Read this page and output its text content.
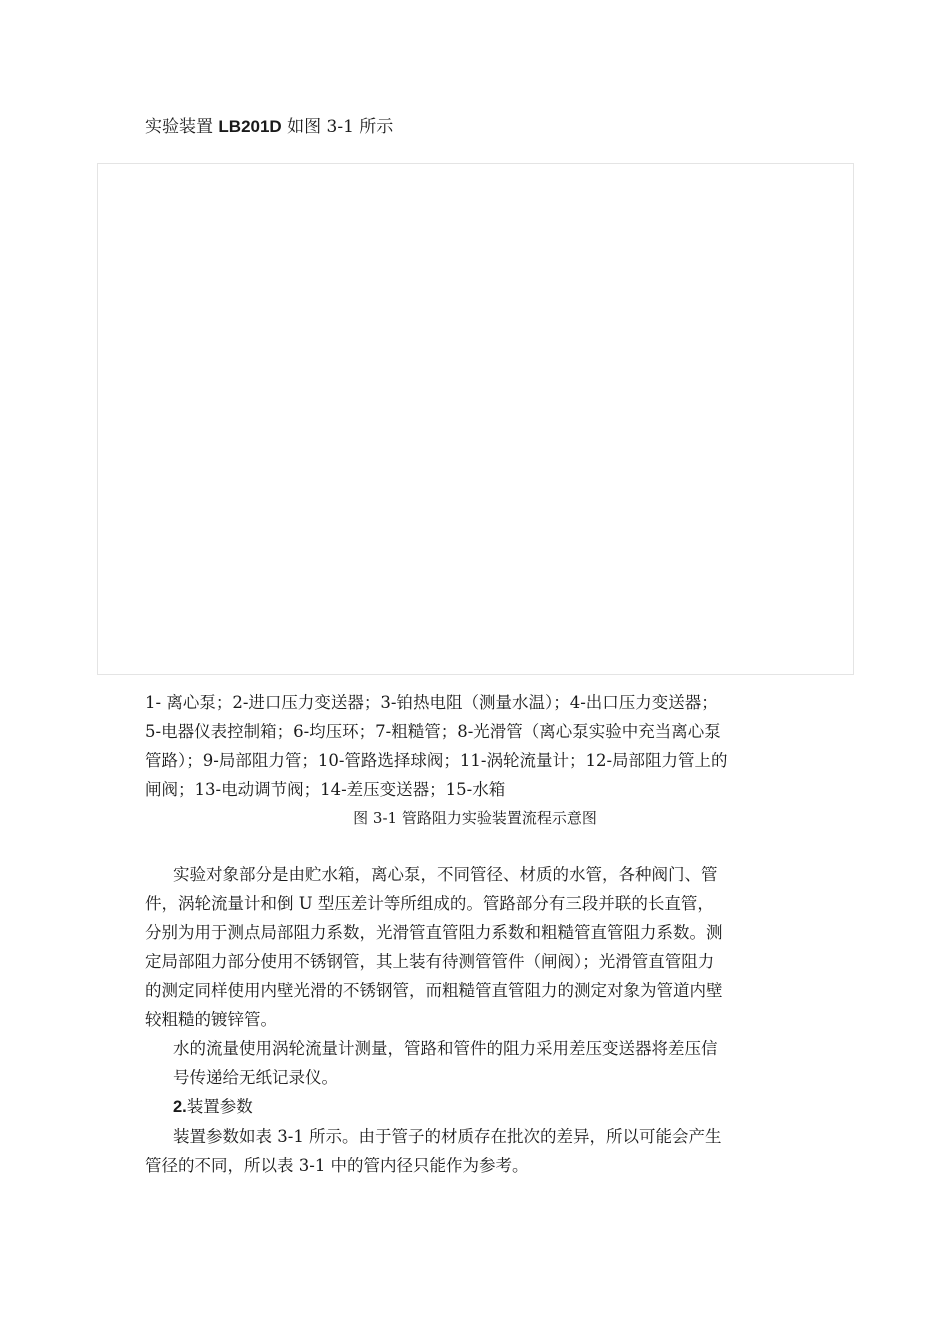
实验装置 LB201D 如图 3-1 所示
1- 离心泵；2-进口压力变送器；3-铂热电阻（测量水温）；4-出口压力变送器；
5-电器仪表控制箱；6-均压环；7-粗糙管；8-光滑管（离心泵实验中充当离心泵
管路）；9-局部阻力管；10-管路选择球阀；11-涡轮流量计；12-局部阻力管上的
闸阀；13-电动调节阀；14-差压变送器；15-水箱
图 3-1 管路阻力实验装置流程示意图
实验对象部分是由贮水箱，离心泵，不同管径、材质的水管，各种阀门、管
件，涡轮流量计和倒 U 型压差计等所组成的。管路部分有三段并联的长直管，
分别为用于测点局部阻力系数，光滑管直管阻力系数和粗糙管直管阻力系数。测
定局部阻力部分使用不锈钢管，其上装有待测管管件（闸阀）；光滑管直管阻力
的测定同样使用内壁光滑的不锈钢管，而粗糙管直管阻力的测定对象为管道内壁
较粗糙的镀锌管。
水的流量使用涡轮流量计测量，管路和管件的阻力采用差压变送器将差压信
号传递给无纸记录仪。
2.装置参数
装置参数如表 3-1 所示。由于管子的材质存在批次的差异，所以可能会产生
管径的不同，所以表 3-1 中的管内径只能作为参考。
